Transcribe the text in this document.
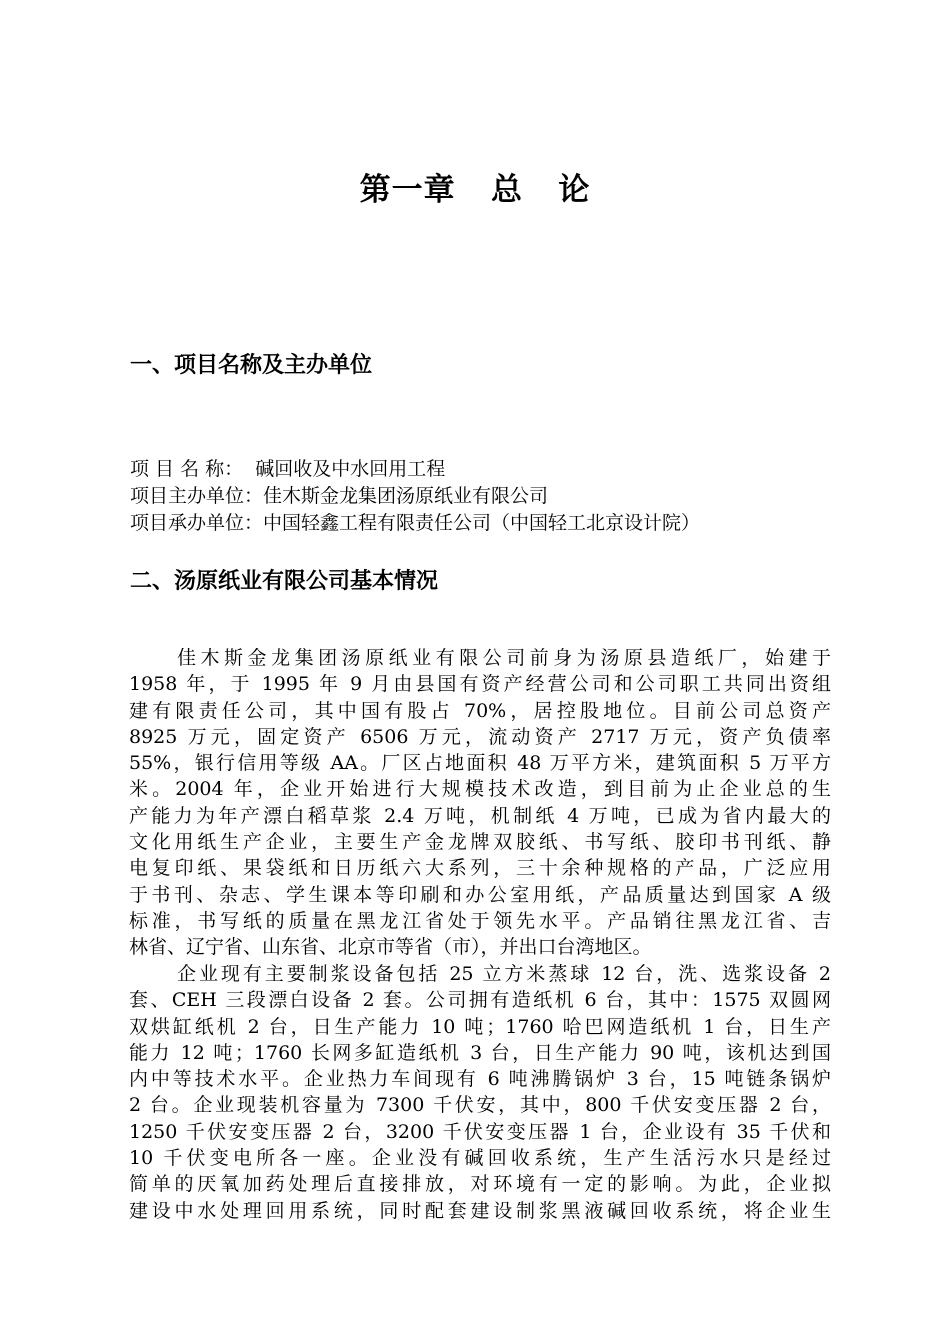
第一章   总   论
一、项目名称及主办单位
项 目 名 称：  碱回收及中水回用工程
项目主办单位：佳木斯金龙集团汤原纸业有限公司
项目承办单位：中国轻鑫工程有限责任公司（中国轻工北京设计院）
二、汤原纸业有限公司基本情况
佳木斯金龙集团汤原纸业有限公司前身为汤原县造纸厂，始建于
1958 年，于 1995 年 9 月由县国有资产经营公司和公司职工共同出资组
建有限责任公司，其中国有股占 70%，居控股地位。目前公司总资产
8925 万元，固定资产 6506 万元，流动资产 2717 万元，资产负债率
55%，银行信用等级 AA。厂区占地面积 48 万平方米，建筑面积 5 万平方
米。2004 年，企业开始进行大规模技术改造，到目前为止企业总的生
产能力为年产漂白稻草浆 2.4 万吨，机制纸 4 万吨，已成为省内最大的
文化用纸生产企业，主要生产金龙牌双胶纸、书写纸、胶印书刊纸、静
电复印纸、果袋纸和日历纸六大系列，三十余种规格的产品，广泛应用
于书刊、杂志、学生课本等印刷和办公室用纸，产品质量达到国家 A 级
标准，书写纸的质量在黑龙江省处于领先水平。产品销往黑龙江省、吉
林省、辽宁省、山东省、北京市等省（市），并出口台湾地区。
企业现有主要制浆设备包括 25 立方米蒸球 12 台，洗、选浆设备 2
套、CEH 三段漂白设备 2 套。公司拥有造纸机 6 台，其中：1575 双圆网
双烘缸纸机 2 台，日生产能力 10 吨；1760 哈巴网造纸机 1 台，日生产
能力 12 吨；1760 长网多缸造纸机 3 台，日生产能力 90 吨，该机达到国
内中等技术水平。企业热力车间现有 6 吨沸腾锅炉 3 台，15 吨链条锅炉
2 台。企业现装机容量为 7300 千伏安，其中，800 千伏安变压器 2 台，
1250 千伏安变压器 2 台，3200 千伏安变压器 1 台，企业设有 35 千伏和
10 千伏变电所各一座。企业没有碱回收系统，生产生活污水只是经过
简单的厌氧加药处理后直接排放，对环境有一定的影响。为此，企业拟
建设中水处理回用系统，同时配套建设制浆黑液碱回收系统，将企业生
